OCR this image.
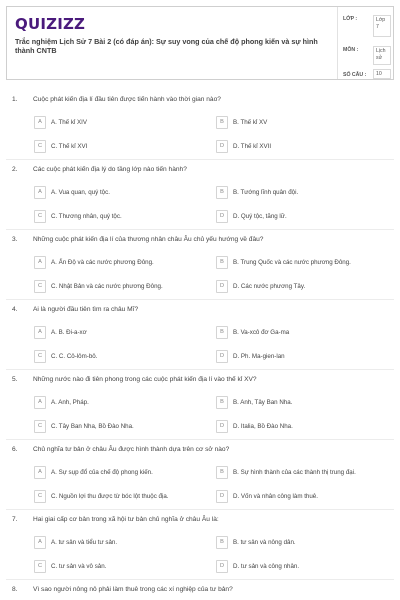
QUIZIZZ
Trắc nghiệm Lịch Sử 7 Bài 2 (có đáp án): Sự suy vong của chế độ phong kiến và sự hình thành CNTB
LỚP :	Lớp 7
MÔN :	Lịch sử
SỐ CÂU :	10
1. Cuộc phát kiến địa lí đầu tiên được tiến hành vào thời gian nào?
A	A. Thế kỉ XIV	B	B. Thế kỉ XV
C	C. Thế kỉ XVI	D	D. Thế kỉ XVII
2. Các cuộc phát kiến địa lý do tầng lớp nào tiến hành?
A	A. Vua quan, quý tộc.	B	B. Tướng lĩnh quân đội.
C	C. Thương nhân, quý tộc.	D	D. Quý tộc, tăng lữ.
3. Những cuộc phát kiến địa lí của thương nhân châu Âu chủ yếu hướng về đâu?
A	A. Ấn Độ và các nước phương Đông.	B	B. Trung Quốc và các nước phương Đông.
C	C. Nhật Bản và các nước phương Đông.	D	D. Các nước phương Tây.
4. Ai là người đầu tiên tìm ra châu Mĩ?
A	A. B. Đi-a-xơ	B	B. Va-xcô đơ Ga-ma
C	C. C. Cô-lôm-bô.	D	D. Ph. Ma-gien-lan
5. Những nước nào đi tiên phong trong các cuộc phát kiến địa lí vào thế kỉ XV?
A	A. Anh, Pháp.	B	B. Anh, Tây Ban Nha.
C	C. Tây Ban Nha, Bồ Đào Nha.	D	D. Italia, Bồ Đào Nha.
6. Chủ nghĩa tư bản ở châu Âu được hình thành dựa trên cơ sở nào?
A	A. Sự sụp đổ của chế độ phong kiến.	B	B. Sự hình thành của các thành thị trung đại.
C	C. Nguồn lợi thu được từ bóc lột thuộc địa.	D	D. Vốn và nhân công làm thuê.
7. Hai giai cấp cơ bản trong xã hội tư bản chủ nghĩa ở châu Âu là:
A	A. tư sản và tiểu tư sản.	B	B. tư sản và nông dân.
C	C. tư sản và vô sản.	D	D. tư sản và công nhân.
8. Vì sao người nông nô phải làm thuê trong các xí nghiệp của tư bản?
